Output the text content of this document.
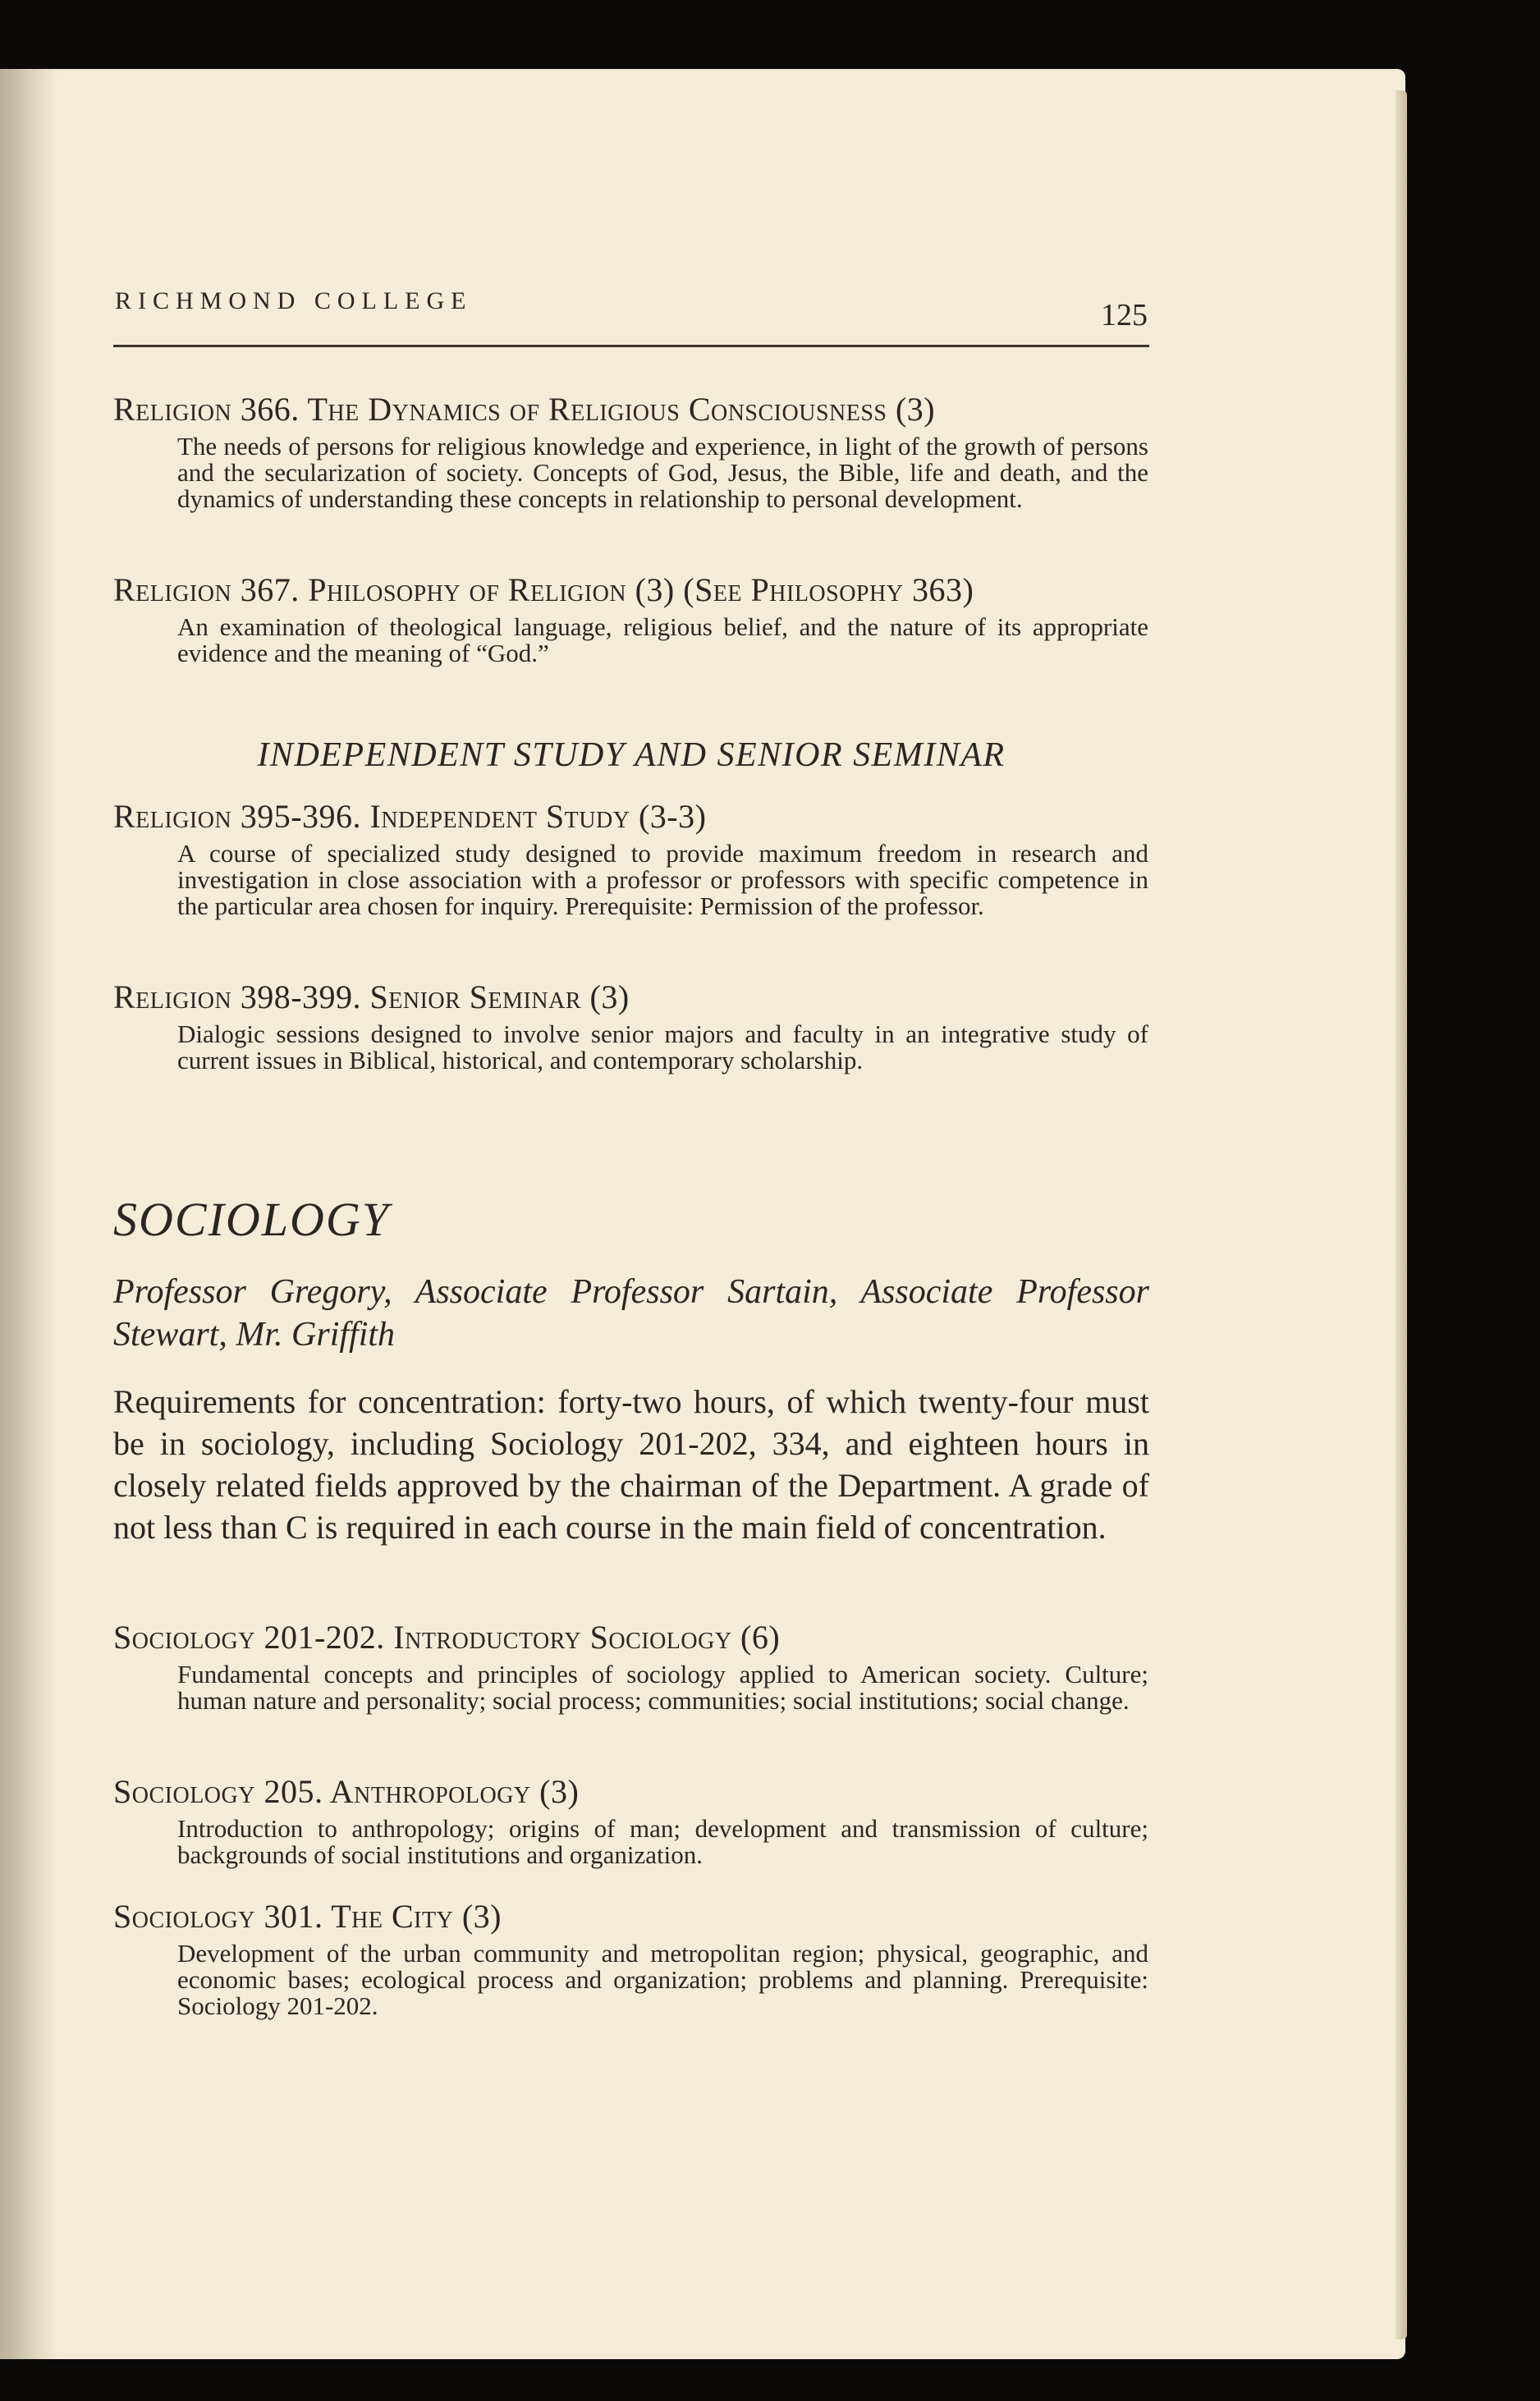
RICHMOND COLLEGE	125

Religion 366. The Dynamics of Religious Consciousness (3)

The needs of persons for religious knowledge and experience, in light of the growth of persons and the secularization of society. Concepts of God, Jesus, the Bible, life and death, and the dynamics of understanding these concepts in relationship to personal development.

Religion 367. Philosophy of Religion (3) (See Philosophy 363)

An examination of theological language, religious belief, and the nature of its appropriate evidence and the meaning of “God.”

INDEPENDENT STUDY AND SENIOR SEMINAR

Religion 395-396. Independent Study (3-3)

A course of specialized study designed to provide maximum freedom in research and investigation in close association with a professor or professors with specific competence in the particular area chosen for inquiry. Prerequisite: Permission of the professor.

Religion 398-399. Senior Seminar (3)

Dialogic sessions designed to involve senior majors and faculty in an integrative study of current issues in Biblical, historical, and contemporary scholarship.

SOCIOLOGY

Professor Gregory, Associate Professor Sartain, Associate Professor Stewart, Mr. Griffith

Requirements for concentration: forty-two hours, of which twenty-four must be in sociology, including Sociology 201-202, 334, and eighteen hours in closely related fields approved by the chairman of the Department. A grade of not less than C is required in each course in the main field of concentration.

Sociology 201-202. Introductory Sociology (6)

Fundamental concepts and principles of sociology applied to American society. Culture; human nature and personality; social process; communities; social institutions; social change.

Sociology 205. Anthropology (3)

Introduction to anthropology; origins of man; development and transmission of culture; backgrounds of social institutions and organization.

Sociology 301. The City (3)

Development of the urban community and metropolitan region; physical, geographic, and economic bases; ecological process and organization; problems and planning. Prerequisite: Sociology 201-202.
